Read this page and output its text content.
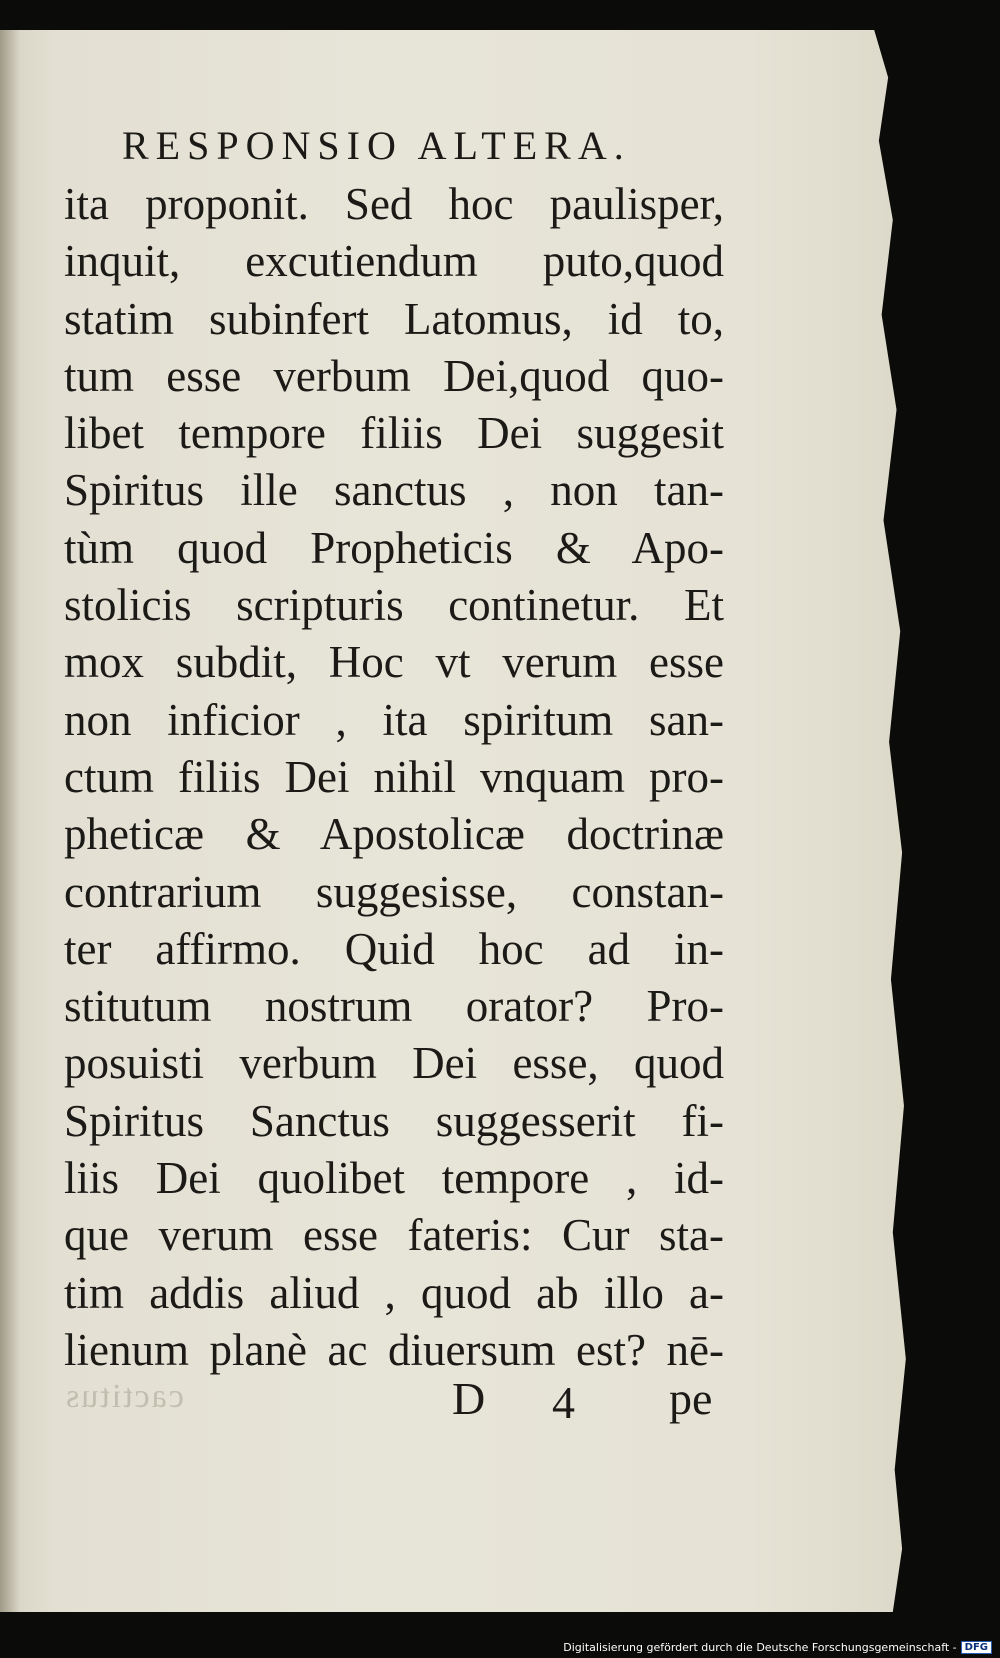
RESPONSIO ALTERA.
ita proponit. Sed hoc paulisper,
inquit, excutiendum puto,quod
statim subinfert Latomus, id to,
tum esse verbum Dei,quod quo-
libet tempore filiis Dei suggesit
Spiritus ille sanctus , non tan-
tùm quod Propheticis & Apo-
stolicis scripturis continetur. Et
mox subdit, Hoc vt verum esse
non inficior , ita spiritum san-
ctum filiis Dei nihil vnquam pro-
pheticæ & Apostolicæ doctrinæ
contrarium suggesisse, constan-
ter affirmo. Quid hoc ad in-
stitutum nostrum orator? Pro-
posuisti verbum Dei esse, quod
Spiritus Sanctus suggesserit fi-
liis Dei quolibet tempore , id-
que verum esse fateris: Cur sta-
tim addis aliud , quod ab illo a-
lienum planè ac diuersum est? nē-
cactitus	D 4 pe
Digitalisierung gefördert durch die Deutsche Forschungsgemeinschaft - DFG
